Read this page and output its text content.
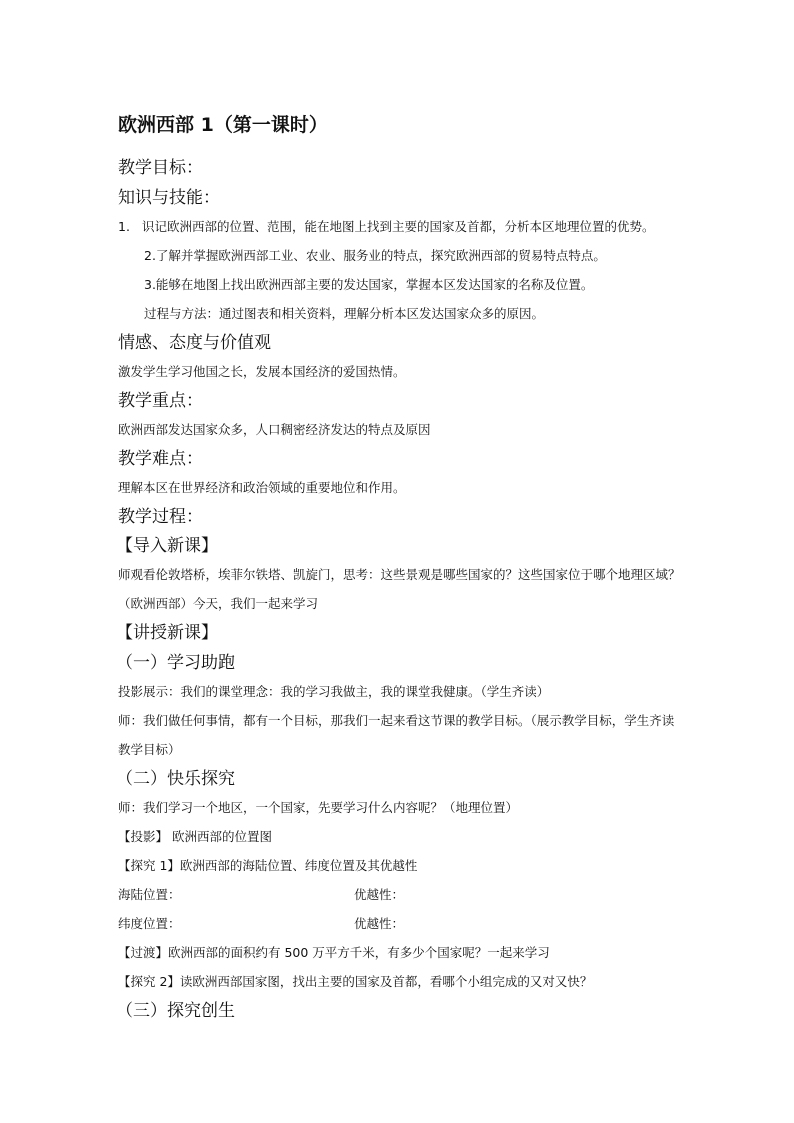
欧洲西部 1（第一课时）

教学目标：

知识与技能：

1. 识记欧洲西部的位置、范围，能在地图上找到主要的国家及首都，分析本区地理位置的优势。

2.了解并掌握欧洲西部工业、农业、服务业的特点，探究欧洲西部的贸易特点特点。

3.能够在地图上找出欧洲西部主要的发达国家，掌握本区发达国家的名称及位置。

过程与方法：通过图表和相关资料，理解分析本区发达国家众多的原因。

情感、态度与价值观

激发学生学习他国之长，发展本国经济的爱国热情。

教学重点：

欧洲西部发达国家众多，人口稠密经济发达的特点及原因

教学难点：

理解本区在世界经济和政治领域的重要地位和作用。

教学过程：

【导入新课】

师观看伦敦塔桥，埃菲尔铁塔、凯旋门，思考：这些景观是哪些国家的？这些国家位于哪个地理区域？

（欧洲西部）今天，我们一起来学习

【讲授新课】

（一）学习助跑

投影展示：我们的课堂理念：我的学习我做主，我的课堂我健康。（学生齐读）

师：我们做任何事情，都有一个目标，那我们一起来看这节课的教学目标。（展示教学目标，学生齐读

教学目标）

（二）快乐探究

师：我们学习一个地区，一个国家，先要学习什么内容呢？（地理位置）

【投影】 欧洲西部的位置图

【探究 1】欧洲西部的海陆位置、纬度位置及其优越性

海陆位置：	优越性：

纬度位置：	优越性：

【过渡】欧洲西部的面积约有 500 万平方千米，有多少个国家呢？一起来学习

【探究 2】读欧洲西部国家图，找出主要的国家及首都，看哪个小组完成的又对又快？

（三）探究创生
